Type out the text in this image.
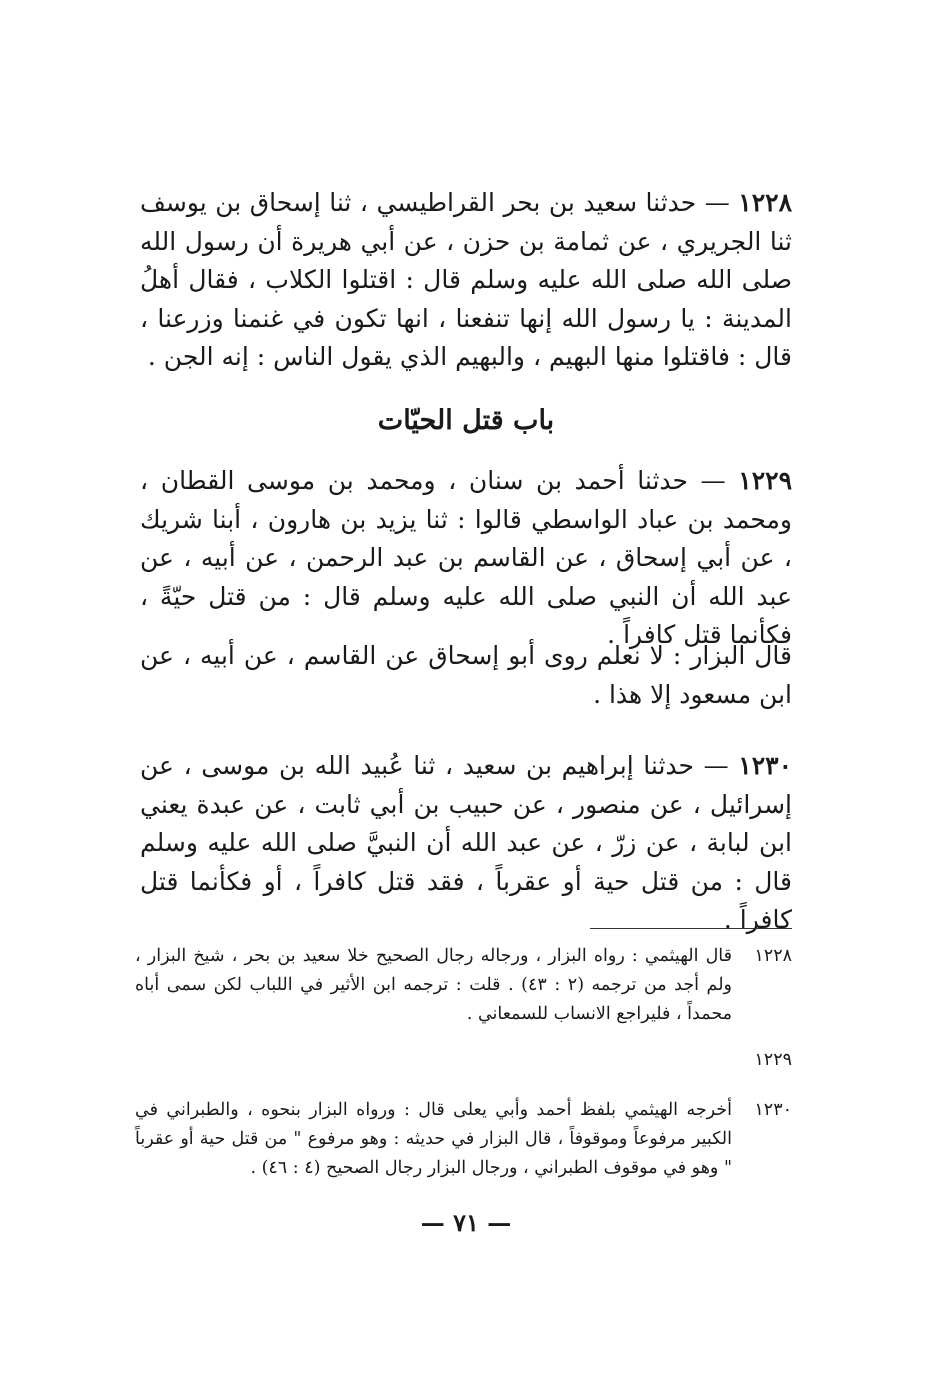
١٢٢٨ — حدثنا سعيد بن بحر القراطيسي ، ثنا إسحاق بن يوسف ثنا الجريري ، عن ثمامة بن حزن ، عن أبي هريرة أن رسول الله صلى الله صلى الله عليه وسلم قال : اقتلوا الكلاب ، فقال أهلُ المدينة : يا رسول الله إنها تنفعنا ، انها تكون في غنمنا وزرعنا ، قال : فاقتلوا منها البهيم ، والبهيم الذي يقول الناس : إنه الجن .

باب قتل الحيّات

١٢٢٩ — حدثنا أحمد بن سنان ، ومحمد بن موسى القطان ، ومحمد بن عباد الواسطي قالوا : ثنا يزيد بن هارون ، أبنا شريك ، عن أبي إسحاق ، عن القاسم بن عبد الرحمن ، عن أبيه ، عن عبد الله أن النبي صلى الله عليه وسلم قال : من قتل حيّةً ، فكأنما قتل كافراً .

قال البزار : لا نعلم روى أبو إسحاق عن القاسم ، عن أبيه ، عن ابن مسعود إلا هذا .

١٢٣٠ — حدثنا إبراهيم بن سعيد ، ثنا عُبيد الله بن موسى ، عن إسرائيل ، عن منصور ، عن حبيب بن أبي ثابت ، عن عبدة يعني ابن لبابة ، عن زرّ ، عن عبد الله أن النبيَّ صلى الله عليه وسلم قال : من قتل حية أو عقرباً ، فقد قتل كافراً ، أو فكأنما قتل كافراً .

١٢٢٨
قال الهيثمي : رواه البزار ، ورجاله رجال الصحيح خلا سعيد بن بحر ، شيخ البزار ، ولم أجد من ترجمه (٢ : ٤٣) . قلت : ترجمه ابن الأثير في اللباب لكن سمى أباه محمداً ، فليراجع الانساب للسمعاني .
١٢٢٩
١٢٣٠
أخرجه الهيثمي بلفظ أحمد وأبي يعلى قال : ورواه البزار بنحوه ، والطبراني في الكبير مرفوعاً وموقوفاً ، قال البزار في حديثه : وهو مرفوع " من قتل حية أو عقرباً " وهو في موقوف الطبراني ، ورجال البزار رجال الصحيح (٤ : ٤٦) .

— ٧١ —
